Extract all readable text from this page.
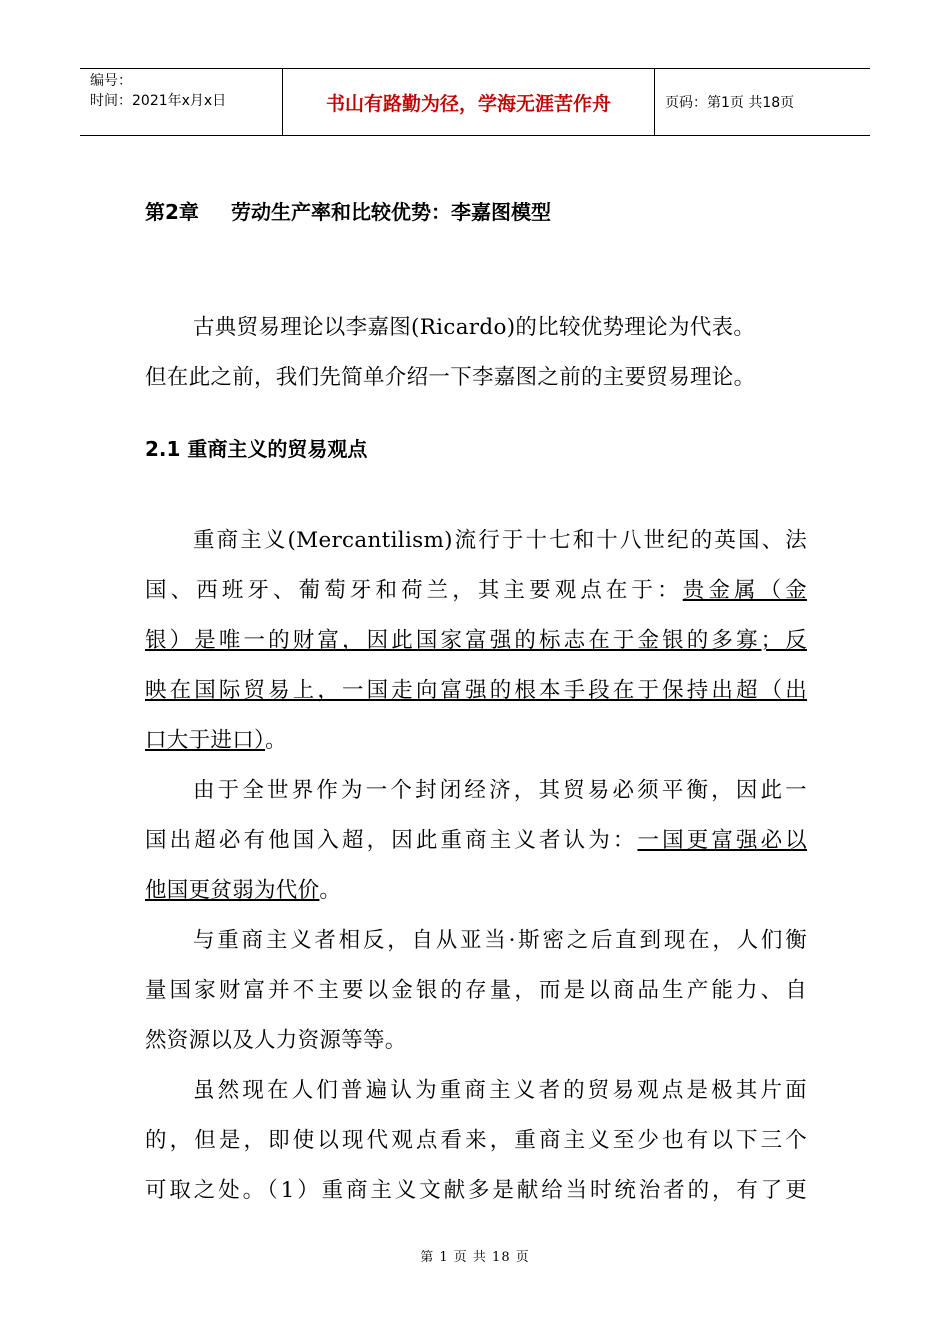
编号：
时间：2021年x月x日	书山有路勤为径，学海无涯苦作舟	页码：第1页 共18页
第2章 劳动生产率和比较优势：李嘉图模型
古典贸易理论以李嘉图(Ricardo)的比较优势理论为代表。
但在此之前，我们先简单介绍一下李嘉图之前的主要贸易理论。
2.1 重商主义的贸易观点
重商主义(Mercantilism)流行于十七和十八世纪的英国、法
国、西班牙、葡萄牙和荷兰，其主要观点在于：贵金属（金
银）是唯一的财富，因此国家富强的标志在于金银的多寡；反
映在国际贸易上，一国走向富强的根本手段在于保持出超（出
口大于进口）。
由于全世界作为一个封闭经济，其贸易必须平衡，因此一
国出超必有他国入超，因此重商主义者认为：一国更富强必以
他国更贫弱为代价。
与重商主义者相反，自从亚当·斯密之后直到现在，人们衡
量国家财富并不主要以金银的存量，而是以商品生产能力、自
然资源以及人力资源等等。
虽然现在人们普遍认为重商主义者的贸易观点是极其片面
的，但是，即使以现代观点看来，重商主义至少也有以下三个
可取之处。（1）重商主义文献多是献给当时统治者的，有了更
第 1 页 共 18 页
